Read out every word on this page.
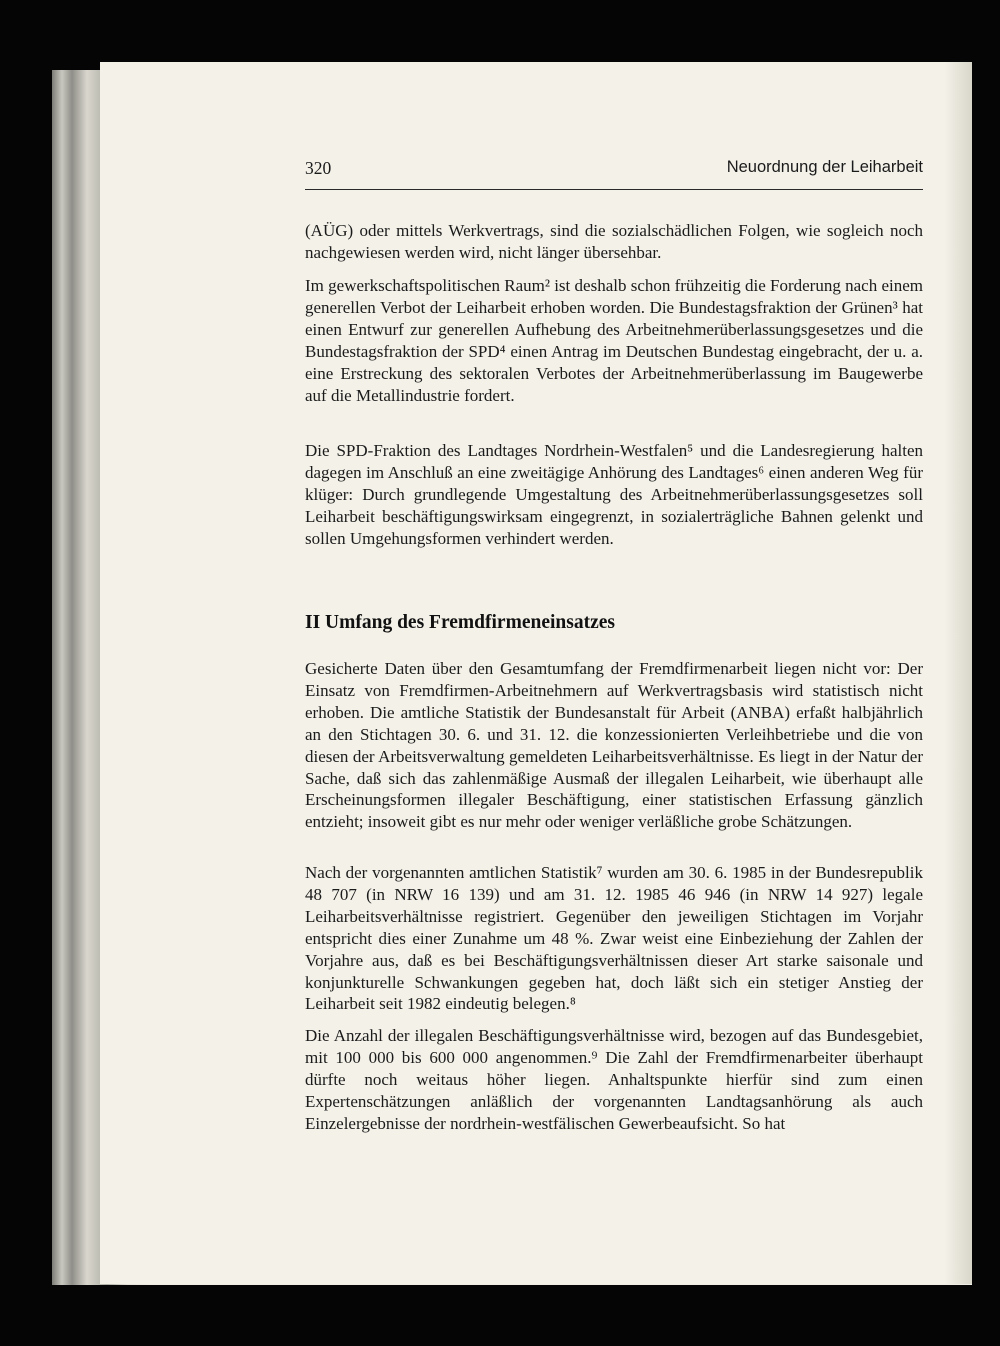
320	Neuordnung der Leiharbeit

(AÜG) oder mittels Werkvertrags, sind die sozialschädlichen Folgen, wie sogleich noch nachgewiesen werden wird, nicht länger übersehbar.

Im gewerkschaftspolitischen Raum² ist deshalb schon frühzeitig die Forderung nach einem generellen Verbot der Leiharbeit erhoben worden. Die Bundestagsfraktion der Grünen³ hat einen Entwurf zur generellen Aufhebung des Arbeitnehmerüberlassungsgesetzes und die Bundestagsfraktion der SPD⁴ einen Antrag im Deutschen Bundestag eingebracht, der u. a. eine Erstreckung des sektoralen Verbotes der Arbeitnehmerüberlassung im Baugewerbe auf die Metallindustrie fordert.

Die SPD-Fraktion des Landtages Nordrhein-Westfalen⁵ und die Landesregierung halten dagegen im Anschluß an eine zweitägige Anhörung des Landtages⁶ einen anderen Weg für klüger: Durch grundlegende Umgestaltung des Arbeitnehmerüberlassungsgesetzes soll Leiharbeit beschäftigungswirksam eingegrenzt, in sozialerträgliche Bahnen gelenkt und sollen Umgehungsformen verhindert werden.

II Umfang des Fremdfirmeneinsatzes

Gesicherte Daten über den Gesamtumfang der Fremdfirmenarbeit liegen nicht vor: Der Einsatz von Fremdfirmen-Arbeitnehmern auf Werkvertragsbasis wird statistisch nicht erhoben. Die amtliche Statistik der Bundesanstalt für Arbeit (ANBA) erfaßt halbjährlich an den Stichtagen 30. 6. und 31. 12. die konzessionierten Verleihbetriebe und die von diesen der Arbeitsverwaltung gemeldeten Leiharbeitsverhältnisse. Es liegt in der Natur der Sache, daß sich das zahlenmäßige Ausmaß der illegalen Leiharbeit, wie überhaupt alle Erscheinungsformen illegaler Beschäftigung, einer statistischen Erfassung gänzlich entzieht; insoweit gibt es nur mehr oder weniger verläßliche grobe Schätzungen.

Nach der vorgenannten amtlichen Statistik⁷ wurden am 30. 6. 1985 in der Bundesrepublik 48 707 (in NRW 16 139) und am 31. 12. 1985 46 946 (in NRW 14 927) legale Leiharbeitsverhältnisse registriert. Gegenüber den jeweiligen Stichtagen im Vorjahr entspricht dies einer Zunahme um 48 %. Zwar weist eine Einbeziehung der Zahlen der Vorjahre aus, daß es bei Beschäftigungsverhältnissen dieser Art starke saisonale und konjunkturelle Schwankungen gegeben hat, doch läßt sich ein stetiger Anstieg der Leiharbeit seit 1982 eindeutig belegen.⁸

Die Anzahl der illegalen Beschäftigungsverhältnisse wird, bezogen auf das Bundesgebiet, mit 100 000 bis 600 000 angenommen.⁹ Die Zahl der Fremdfirmenarbeiter überhaupt dürfte noch weitaus höher liegen. Anhaltspunkte hierfür sind zum einen Expertenschätzungen anläßlich der vorgenannten Landtagsanhörung als auch Einzelergebnisse der nordrhein-westfälischen Gewerbeaufsicht. So hat
